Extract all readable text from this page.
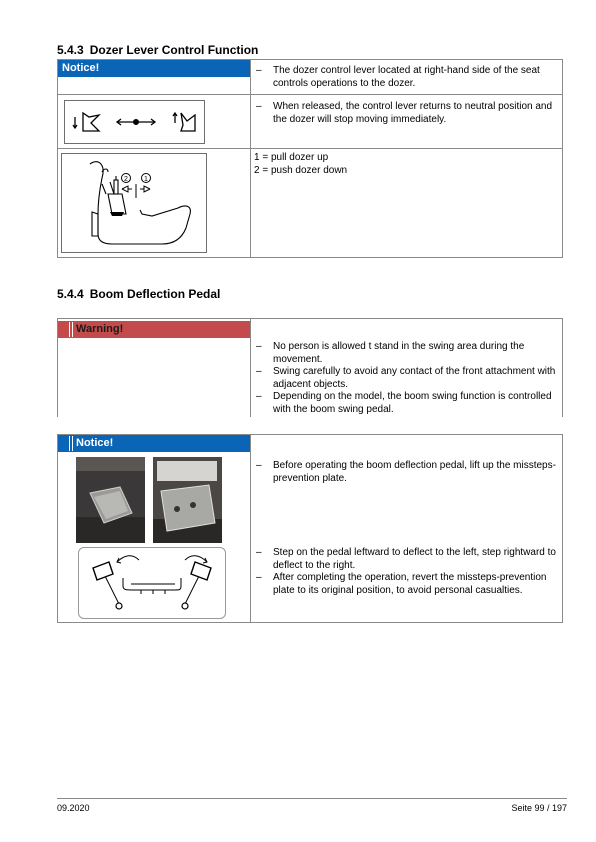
5.4.3 Dozer Lever Control Function
Notice!	– The dozer control lever located at right-hand side of the seat controls operations to the dozer.
– When released, the control lever returns to neutral position and the dozer will stop moving immediately.
2 1
1 = pull dozer up
2 = push dozer down
5.4.4 Boom Deflection Pedal
Warning!
– No person is allowed t stand in the swing area during the movement.
– Swing carefully to avoid any contact of the front attachment with adjacent objects.
– Depending on the model, the boom swing function is controlled with the boom swing pedal.
Notice!
– Before operating the boom deflection pedal, lift up the missteps-prevention plate.
– Step on the pedal leftward to deflect to the left, step rightward to deflect to the right.
– After completing the operation, revert the missteps-prevention plate to its original position, to avoid personal casualties.
09.2020	Seite 99 / 197
